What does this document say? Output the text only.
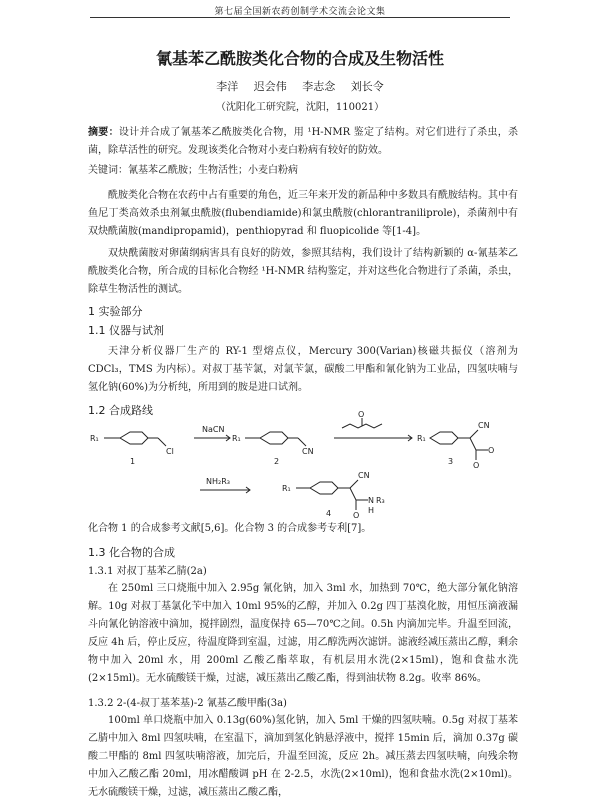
第七届全国新农药创制学术交流会论文集
氰基苯乙酰胺类化合物的合成及生物活性
李洋 迟会伟 李志念 刘长令
（沈阳化工研究院，沈阳，110021）
摘要：设计并合成了氰基苯乙酰胺类化合物，用 ¹H-NMR 鉴定了结构。对它们进行了杀虫，杀菌，除草活性的研究。发现该类化合物对小麦白粉病有较好的防效。
关键词：氰基苯乙酰胺；生物活性；小麦白粉病
酰胺类化合物在农药中占有重要的角色，近三年来开发的新品种中多数具有酰胺结构。其中有鱼尼丁类高效杀虫剂氟虫酰胺(flubendiamide)和氯虫酰胺(chlorantraniliprole)，杀菌剂中有双炔酰菌胺(mandipropamid)，penthiopyrad 和 fluopicolide 等[1-4]。
双炔酰菌胺对卵菌纲病害具有良好的防效，参照其结构，我们设计了结构新颖的 α-氰基苯乙酰胺类化合物，所合成的目标化合物经 ¹H-NMR 结构鉴定，并对这些化合物进行了杀菌，杀虫，除草生物活性的测试。
1 实验部分
1.1 仪器与试剂
天津分析仪器厂生产的 RY-1 型熔点仪，Mercury 300(Varian)核磁共振仪（溶剂为 CDCl₃，TMS 为内标）。对叔丁基苄氯，对氯苄氯，碳酸二甲酯和氰化钠为工业品，四氢呋喃与氢化钠(60%)为分析纯，所用到的胺是进口试剂。
1.2 合成路线
R₁
Cl
1
NaCN
R₁
CN
2
O
R₁
CN
O
O
3
NH₂R₃
R₁
CN
O
N
H
R₃
4
化合物 1 的合成参考文献[5,6]。化合物 3 的合成参考专利[7]。
1.3 化合物的合成
1.3.1 对叔丁基苯乙腈(2a)
在 250ml 三口烧瓶中加入 2.95g 氰化钠，加入 3ml 水，加热到 70℃，绝大部分氰化钠溶解。10g 对叔丁基氯化苄中加入 10ml 95%的乙醇，并加入 0.2g 四丁基溴化胺，用恒压滴液漏斗向氰化钠溶液中滴加，搅拌剧烈，温度保持 65—70℃之间。0.5h 内滴加完毕。升温至回流，反应 4h 后，停止反应，待温度降到室温，过滤，用乙醇洗两次滤饼。滤液经减压蒸出乙醇，剩余物中加入 20ml 水，用 200ml 乙酸乙酯萃取，有机层用水洗(2×15ml)，饱和食盐水洗(2×15ml)。无水硫酸镁干燥，过滤，减压蒸出乙酸乙酯，得到油状物 8.2g。收率 86%。
1.3.2 2-(4-叔丁基苯基)-2 氰基乙酸甲酯(3a)
100ml 单口烧瓶中加入 0.13g(60%)氢化钠，加入 5ml 干燥的四氢呋喃。0.5g 对叔丁基苯乙腈中加入 8ml 四氢呋喃，在室温下，滴加到氢化钠悬浮液中，搅拌 15min 后，滴加 0.37g 碳酸二甲酯的 8ml 四氢呋喃溶液，加完后，升温至回流，反应 2h。减压蒸去四氢呋喃，向残余物中加入乙酸乙酯 20ml，用冰醋酸调 pH 在 2-2.5，水洗(2×10ml)，饱和食盐水洗(2×10ml)。无水硫酸镁干燥，过滤，减压蒸出乙酸乙酯，
